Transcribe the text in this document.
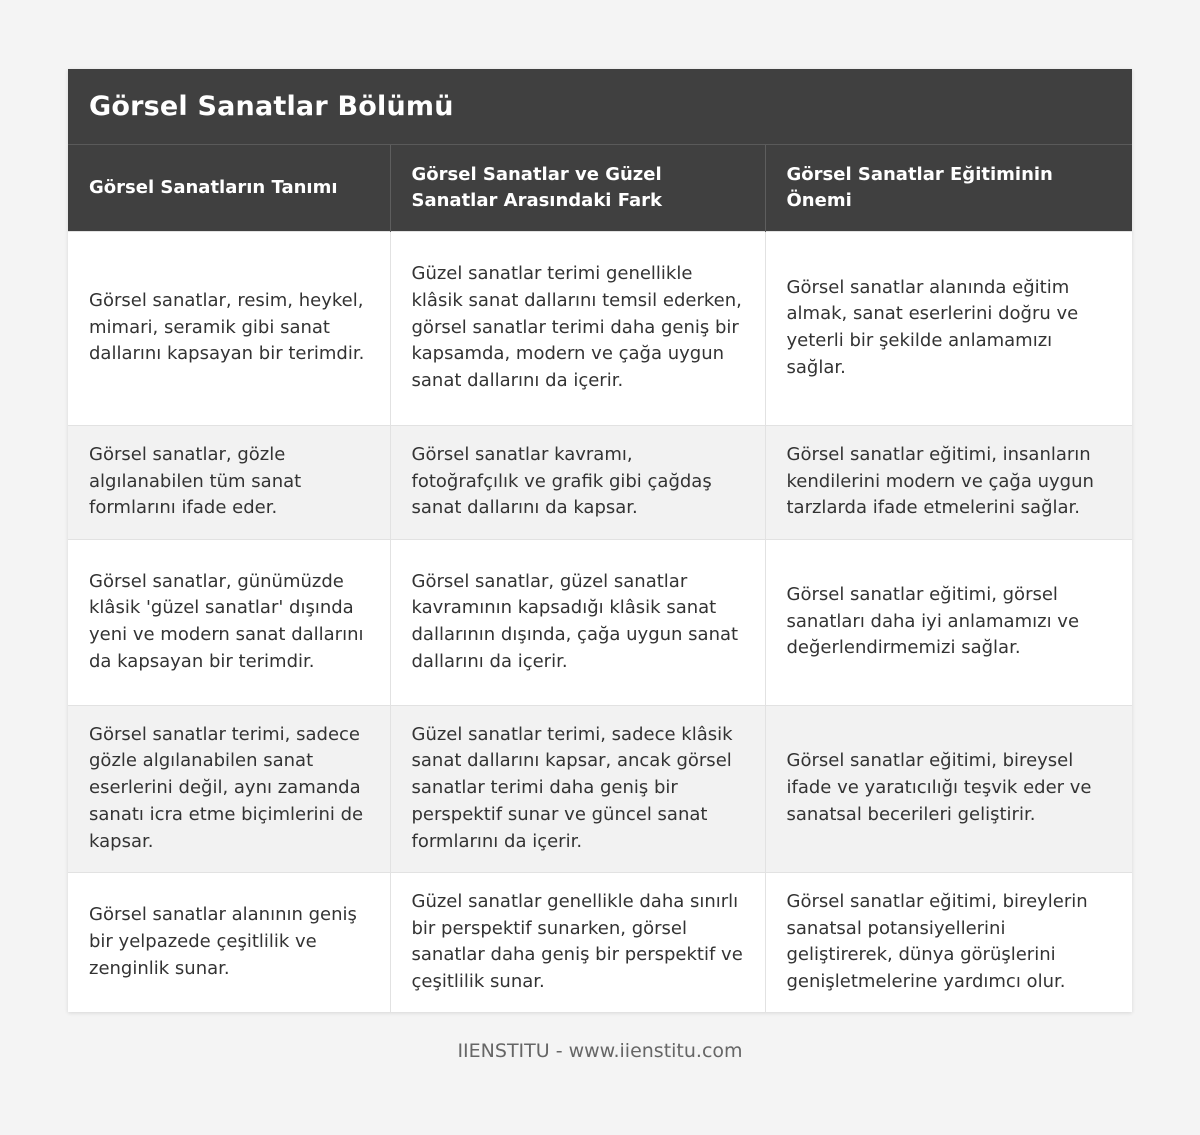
Görsel Sanatlar Bölümü
Görsel Sanatların Tanımı	Görsel Sanatlar ve Güzel Sanatlar Arasındaki Fark	Görsel Sanatlar Eğitiminin Önemi
Görsel sanatlar, resim, heykel, mimari, seramik gibi sanat dallarını kapsayan bir terimdir.	Güzel sanatlar terimi genellikle klâsik sanat dallarını temsil ederken, görsel sanatlar terimi daha geniş bir kapsamda, modern ve çağa uygun sanat dallarını da içerir.	Görsel sanatlar alanında eğitim almak, sanat eserlerini doğru ve yeterli bir şekilde anlamamızı sağlar.
Görsel sanatlar, gözle algılanabilen tüm sanat formlarını ifade eder.	Görsel sanatlar kavramı, fotoğrafçılık ve grafik gibi çağdaş sanat dallarını da kapsar.	Görsel sanatlar eğitimi, insanların kendilerini modern ve çağa uygun tarzlarda ifade etmelerini sağlar.
Görsel sanatlar, günümüzde klâsik 'güzel sanatlar' dışında yeni ve modern sanat dallarını da kapsayan bir terimdir.	Görsel sanatlar, güzel sanatlar kavramının kapsadığı klâsik sanat dallarının dışında, çağa uygun sanat dallarını da içerir.	Görsel sanatlar eğitimi, görsel sanatları daha iyi anlamamızı ve değerlendirmemizi sağlar.
Görsel sanatlar terimi, sadece gözle algılanabilen sanat eserlerini değil, aynı zamanda sanatı icra etme biçimlerini de kapsar.	Güzel sanatlar terimi, sadece klâsik sanat dallarını kapsar, ancak görsel sanatlar terimi daha geniş bir perspektif sunar ve güncel sanat formlarını da içerir.	Görsel sanatlar eğitimi, bireysel ifade ve yaratıcılığı teşvik eder ve sanatsal becerileri geliştirir.
Görsel sanatlar alanının geniş bir yelpazede çeşitlilik ve zenginlik sunar.	Güzel sanatlar genellikle daha sınırlı bir perspektif sunarken, görsel sanatlar daha geniş bir perspektif ve çeşitlilik sunar.	Görsel sanatlar eğitimi, bireylerin sanatsal potansiyellerini geliştirerek, dünya görüşlerini genişletmelerine yardımcı olur.
IIENSTITU - www.iienstitu.com
